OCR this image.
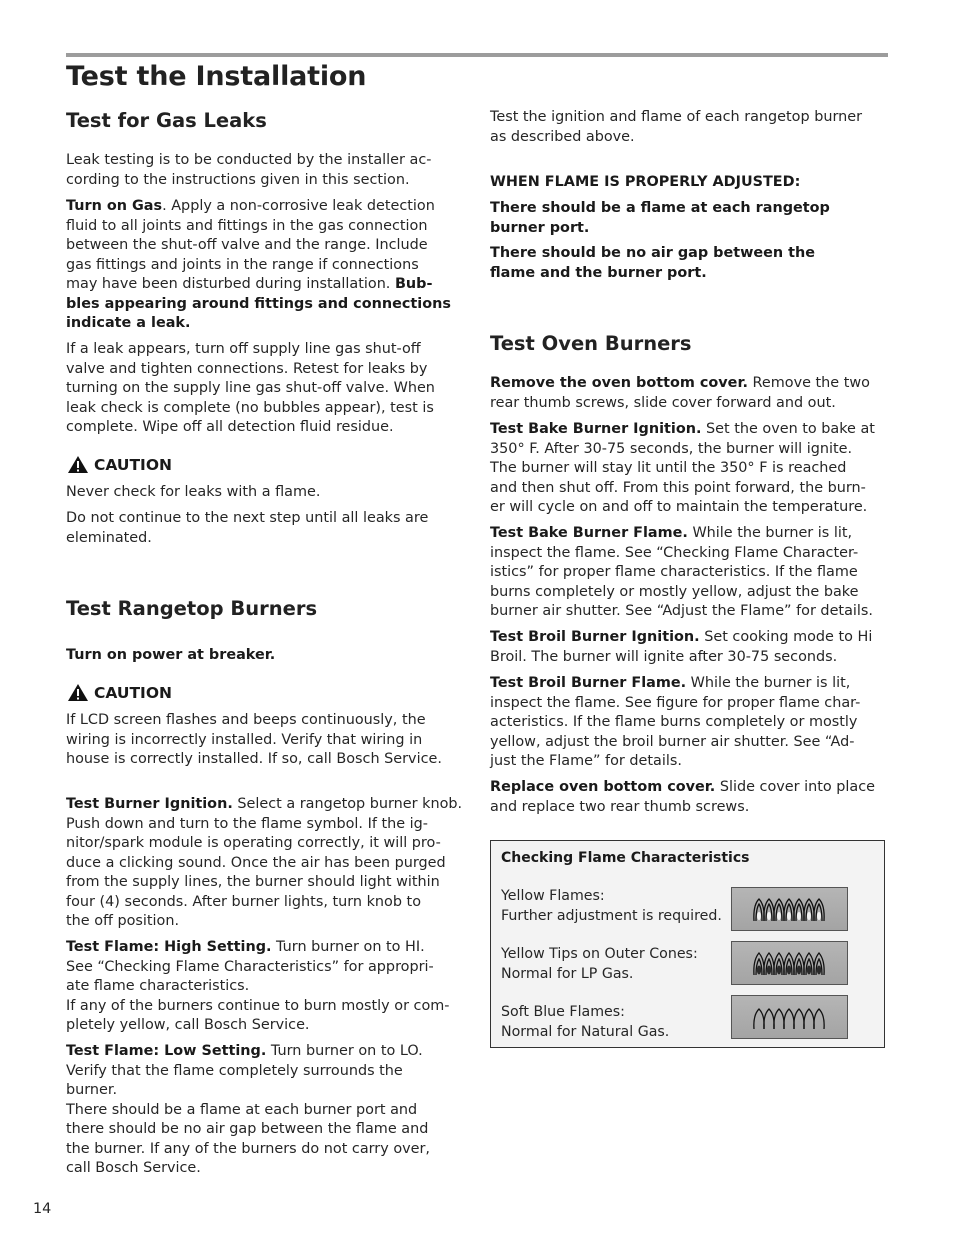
Test the Installation
Test for Gas Leaks
Leak testing is to be conducted by the installer ac-
cording to the instructions given in this section.
Turn on Gas. Apply a non-corrosive leak detection
fluid to all joints and fittings in the gas connection
between the shut-off valve and the range. Include
gas fittings and joints in the range if connections
may have been disturbed during installation. Bub-
bles appearing around fittings and connections
indicate a leak.
If a leak appears, turn off supply line gas shut-off
valve and tighten connections. Retest for leaks by
turning on the supply line gas shut-off valve. When
leak check is complete (no bubbles appear), test is
complete. Wipe off all detection fluid residue.
CAUTION
Never check for leaks with a flame.
Do not continue to the next step until all leaks are
eleminated.
Test Rangetop Burners
Turn on power at breaker.
CAUTION
If LCD screen flashes and beeps continuously, the
wiring is incorrectly installed. Verify that wiring in
house is correctly installed. If so, call Bosch Service.
Test Burner Ignition. Select a rangetop burner knob.
Push down and turn to the flame symbol. If the ig-
nitor/spark module is operating correctly, it will pro-
duce a clicking sound. Once the air has been purged
from the supply lines, the burner should light within
four (4) seconds. After burner lights, turn knob to
the off position.
Test Flame: High Setting. Turn burner on to HI.
See “Checking Flame Characteristics” for appropri-
ate flame characteristics.
If any of the burners continue to burn mostly or com-
pletely yellow, call Bosch Service.
Test Flame: Low Setting. Turn burner on to LO.
Verify that the flame completely surrounds the
burner.
There should be a flame at each burner port and
there should be no air gap between the flame and
the burner. If any of the burners do not carry over,
call Bosch Service.
Test the ignition and flame of each rangetop burner
as described above.
WHEN FLAME IS PROPERLY ADJUSTED:
There should be a flame at each rangetop
burner port.
There should be no air gap between the
flame and the burner port.
Test Oven Burners
Remove the oven bottom cover. Remove the two
rear thumb screws, slide cover forward and out.
Test Bake Burner Ignition. Set the oven to bake at
350° F. After 30-75 seconds, the burner will ignite.
The burner will stay lit until the 350° F is reached
and then shut off. From this point forward, the burn-
er will cycle on and off to maintain the temperature.
Test Bake Burner Flame. While the burner is lit,
inspect the flame. See “Checking Flame Character-
istics” for proper flame characteristics. If the flame
burns completely or mostly yellow, adjust the bake
burner air shutter. See “Adjust the Flame” for details.
Test Broil Burner Ignition. Set cooking mode to Hi
Broil. The burner will ignite after 30-75 seconds.
Test Broil Burner Flame. While the burner is lit,
inspect the flame. See figure for proper flame char-
acteristics. If the flame burns completely or mostly
yellow, adjust the broil burner air shutter. See “Ad-
just the Flame” for details.
Replace oven bottom cover. Slide cover into place
and replace two rear thumb screws.
Checking Flame Characteristics
Yellow Flames:
Further adjustment is required.
Yellow Tips on Outer Cones:
Normal for LP Gas.
Soft Blue Flames:
Normal for Natural Gas.
14
